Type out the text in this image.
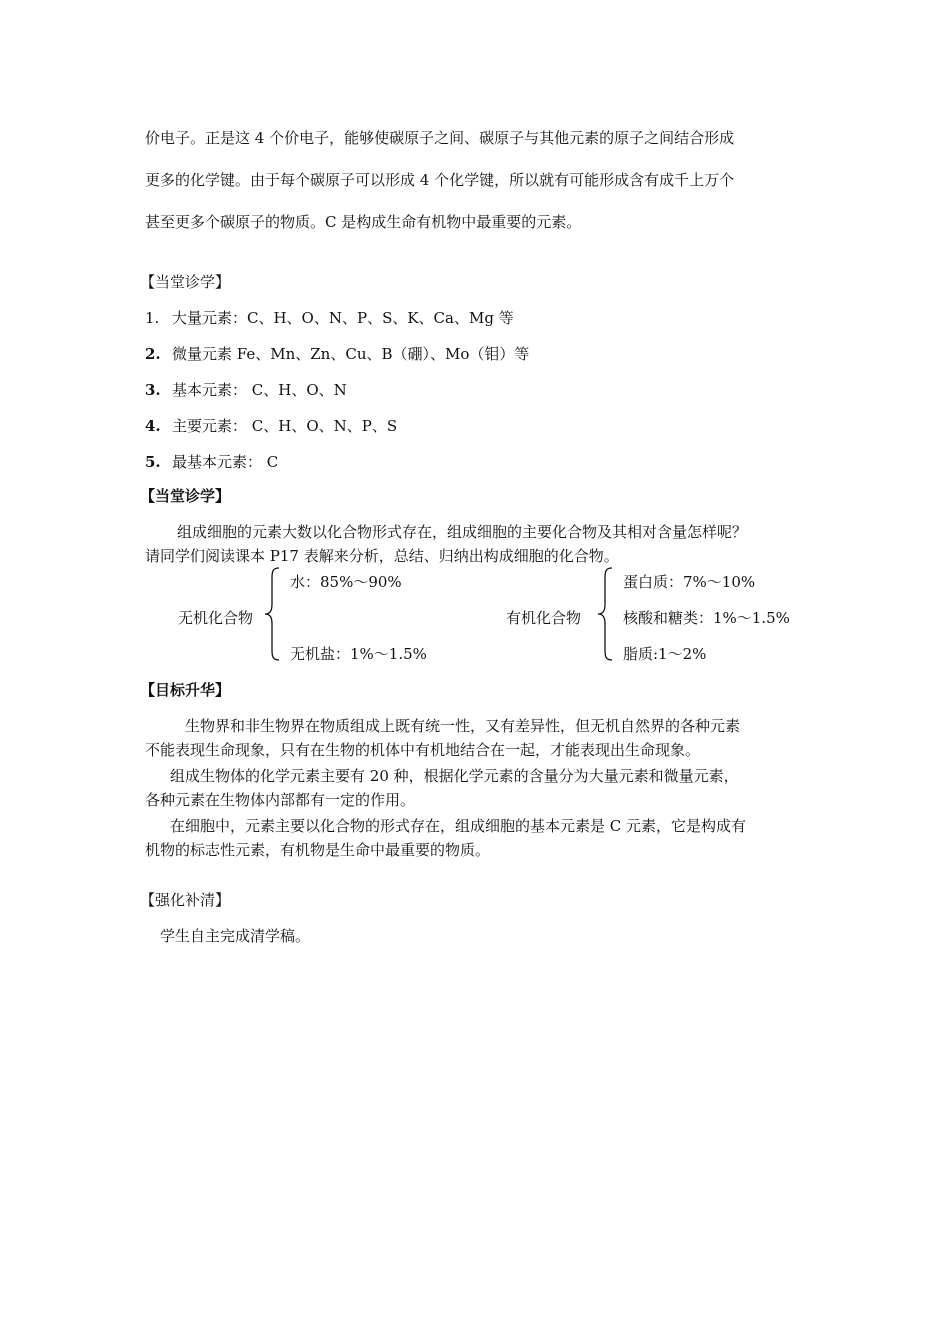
价电子。正是这 4 个价电子，能够使碳原子之间、碳原子与其他元素的原子之间结合形成
更多的化学键。由于每个碳原子可以形成 4 个化学键，所以就有可能形成含有成千上万个
甚至更多个碳原子的物质。C 是构成生命有机物中最重要的元素。
【当堂诊学】
1. 大量元素：C、H、O、N、P、S、K、Ca、Mg 等
2. 微量元素 Fe、Mn、Zn、Cu、B（硼）、Mo（钼）等
3. 基本元素： C、H、O、N
4. 主要元素： C、H、O、N、P、S
5. 最基本元素： C
【当堂诊学】
组成细胞的元素大数以化合物形式存在，组成细胞的主要化合物及其相对含量怎样呢？
请同学们阅读课本 P17 表解来分析，总结、归纳出构成细胞的化合物。
无机化合物
水：85%～90%
无机盐：1%～1.5%
有机化合物
蛋白质：7%～10%
核酸和糖类：1%～1.5%
脂质:1～2%
【目标升华】
生物界和非生物界在物质组成上既有统一性，又有差异性，但无机自然界的各种元素
不能表现生命现象，只有在生物的机体中有机地结合在一起，才能表现出生命现象。
组成生物体的化学元素主要有 20 种，根据化学元素的含量分为大量元素和微量元素，
各种元素在生物体内部都有一定的作用。
在细胞中，元素主要以化合物的形式存在，组成细胞的基本元素是 C 元素，它是构成有
机物的标志性元素，有机物是生命中最重要的物质。
【强化补清】
学生自主完成清学稿。
